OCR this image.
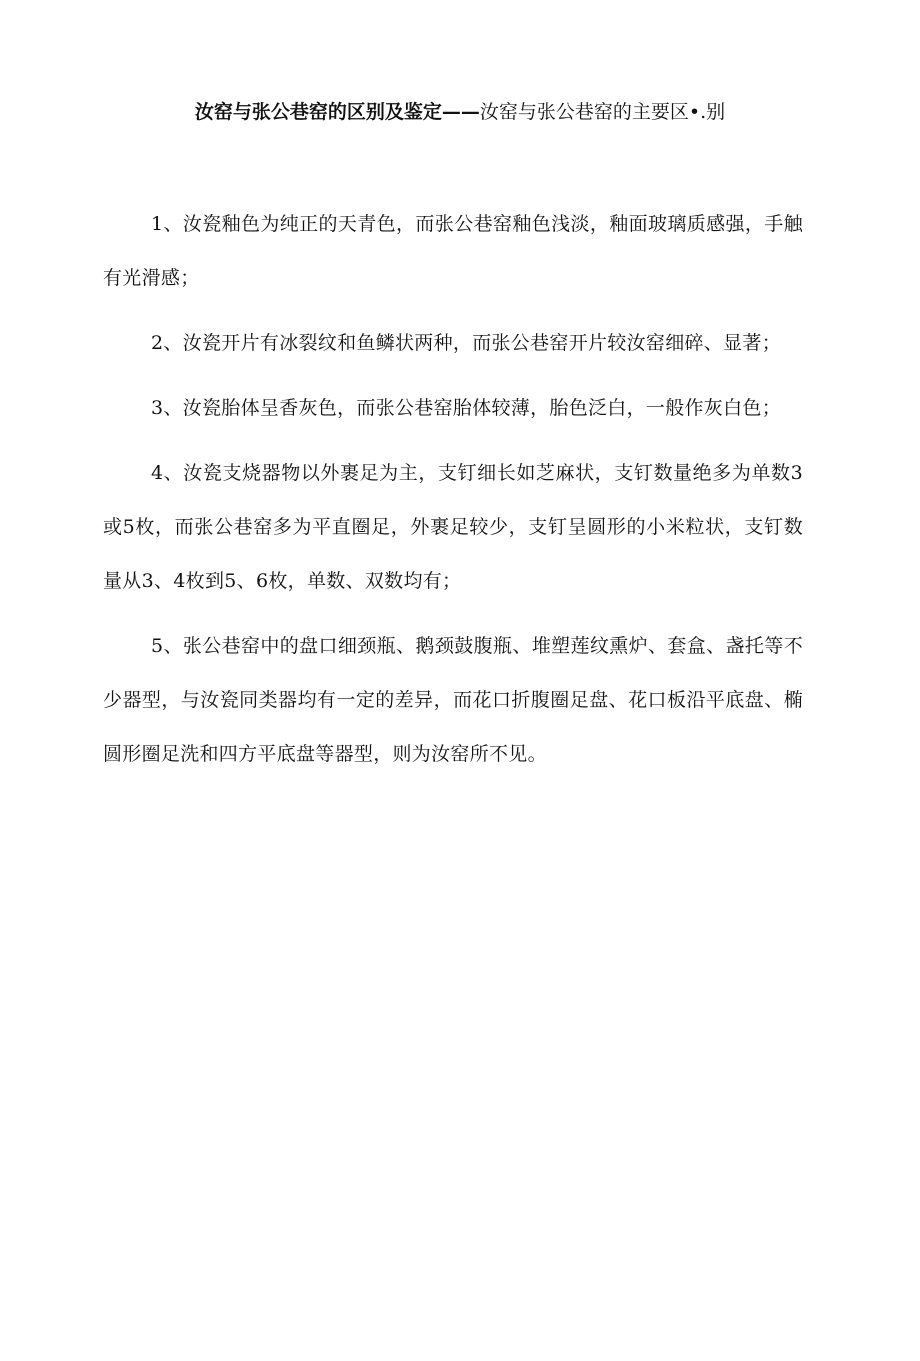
汝窑与张公巷窑的区别及鉴定——汝窑与张公巷窑的主要区•.别

1、汝瓷釉色为纯正的天青色，而张公巷窑釉色浅淡，釉面玻璃质感强，手触有光滑感；

2、汝瓷开片有冰裂纹和鱼鳞状两种，而张公巷窑开片较汝窑细碎、显著；

3、汝瓷胎体呈香灰色，而张公巷窑胎体较薄，胎色泛白，一般作灰白色；

4、汝瓷支烧器物以外裹足为主，支钉细长如芝麻状，支钉数量绝多为单数3或5枚，而张公巷窑多为平直圈足，外裹足较少，支钉呈圆形的小米粒状，支钉数量从3、4枚到5、6枚，单数、双数均有；

5、张公巷窑中的盘口细颈瓶、鹅颈鼓腹瓶、堆塑莲纹熏炉、套盒、盏托等不少器型，与汝瓷同类器均有一定的差异，而花口折腹圈足盘、花口板沿平底盘、椭圆形圈足洗和四方平底盘等器型，则为汝窑所不见。
